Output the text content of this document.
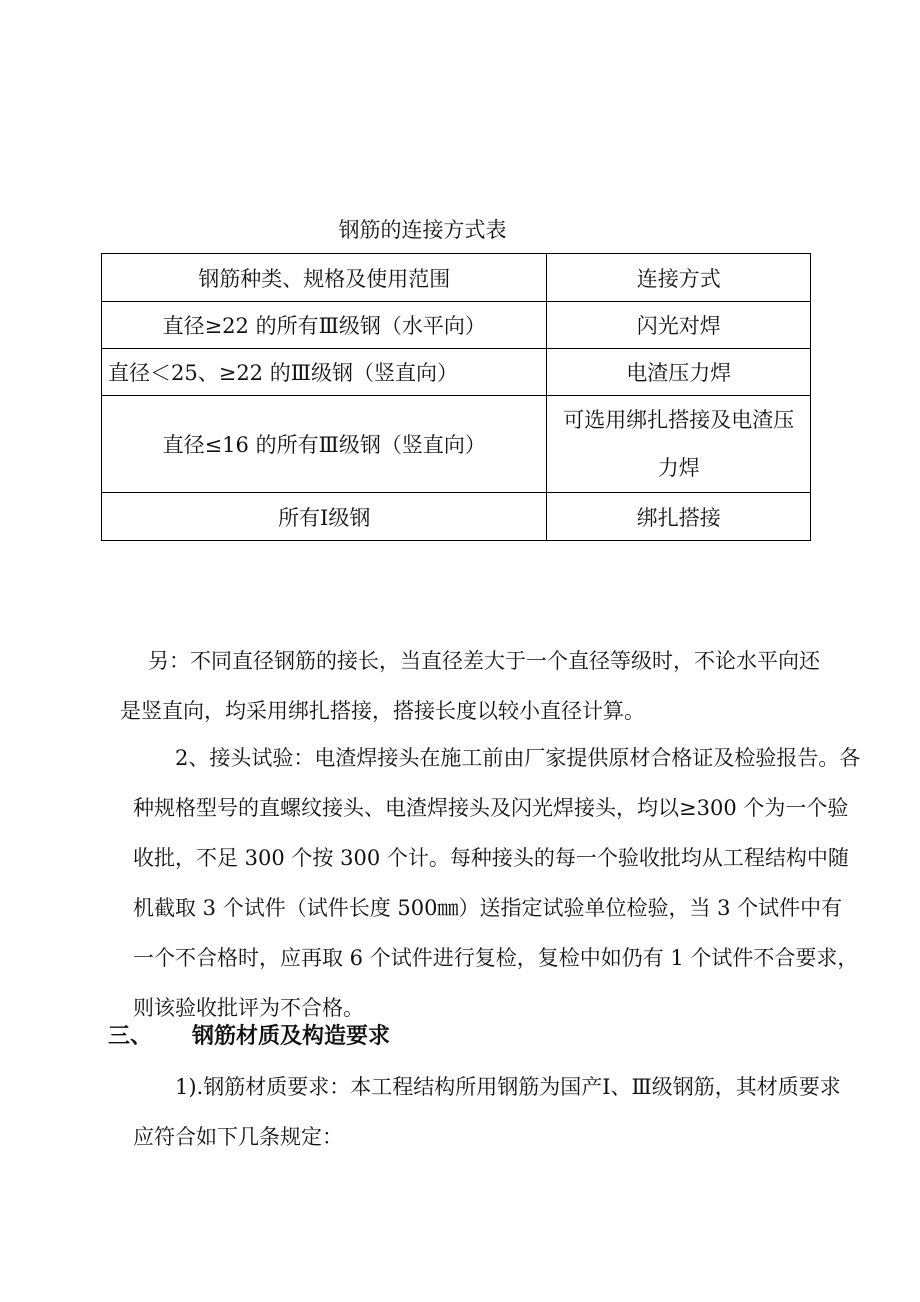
钢筋的连接方式表
钢筋种类、规格及使用范围	连接方式
直径≥22 的所有Ⅲ级钢（水平向）	闪光对焊
直径＜25、≥22 的Ⅲ级钢（竖直向）	电渣压力焊
直径≤16 的所有Ⅲ级钢（竖直向）	可选用绑扎搭接及电渣压力焊

所有Ⅰ级钢	绑扎搭接
另：不同直径钢筋的接长，当直径差大于一个直径等级时，不论水平向还是竖直向，均采用绑扎搭接，搭接长度以较小直径计算。
2、接头试验：电渣焊接头在施工前由厂家提供原材合格证及检验报告。各种规格型号的直螺纹接头、电渣焊接头及闪光焊接头，均以≥300 个为一个验收批，不足 300 个按 300 个计。每种接头的每一个验收批均从工程结构中随机截取 3 个试件（试件长度 500㎜）送指定试验单位检验，当 3 个试件中有一个不合格时，应再取 6 个试件进行复检，复检中如仍有 1 个试件不合要求，则该验收批评为不合格。
三、 钢筋材质及构造要求
1).钢筋材质要求：本工程结构所用钢筋为国产Ⅰ、Ⅲ级钢筋，其材质要求应符合如下几条规定：
